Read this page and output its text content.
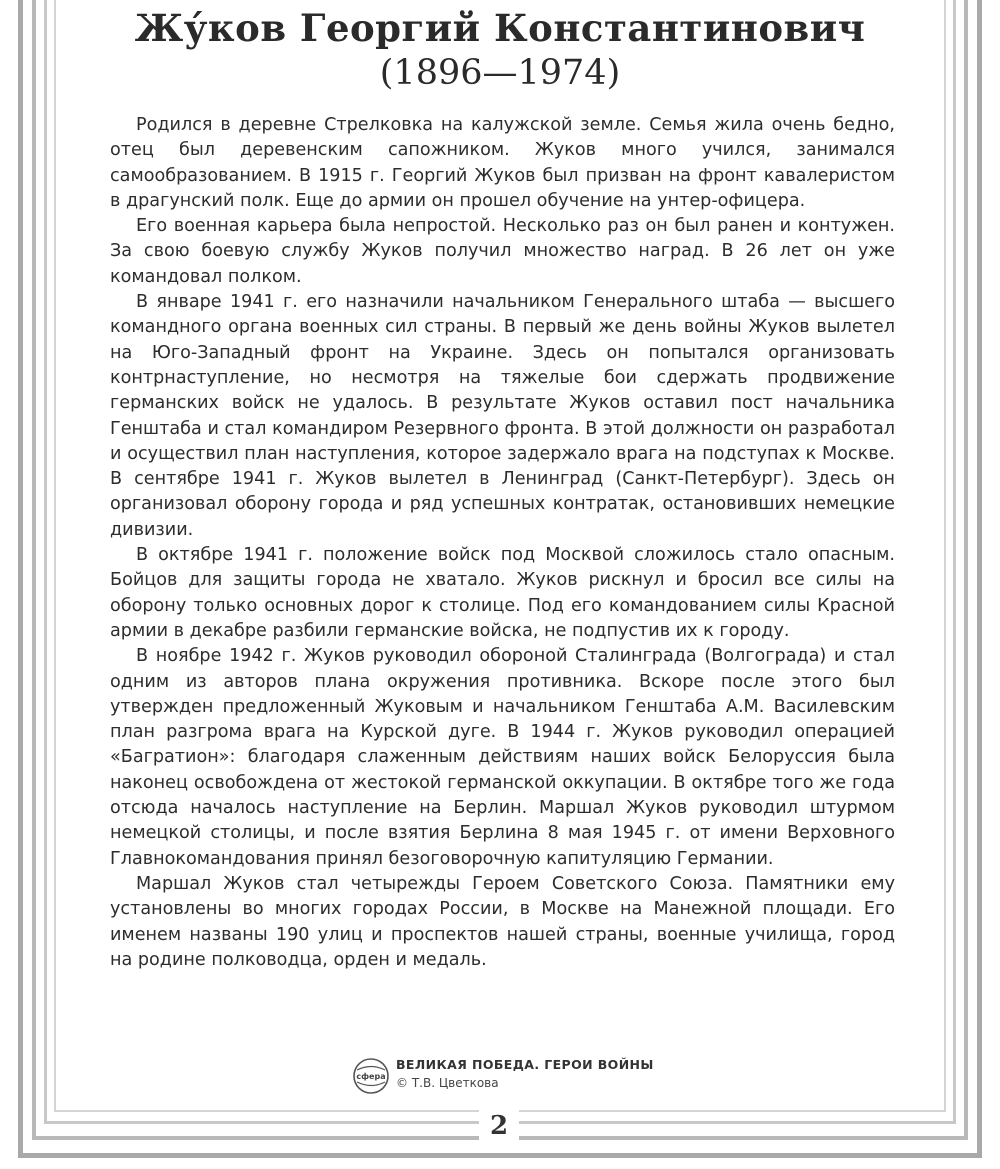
Жу́ков Георгий Константинович
(1896—1974)

Родился в деревне Стрелковка на калужской земле. Семья жила очень бедно, отец был деревенским сапожником. Жуков много учился, занимался самообразованием. В 1915 г. Георгий Жуков был призван на фронт кавалеристом в драгунский полк. Еще до армии он прошел обучение на унтер-офицера.

Его военная карьера была непростой. Несколько раз он был ранен и контужен. За свою боевую службу Жуков получил множество наград. В 26 лет он уже командовал полком.

В январе 1941 г. его назначили начальником Генерального штаба — высшего командного органа военных сил страны. В первый же день войны Жуков вылетел на Юго-Западный фронт на Украине. Здесь он попытался организовать контрнаступление, но несмотря на тяжелые бои сдержать продвижение германских войск не удалось. В результате Жуков оставил пост начальника Генштаба и стал командиром Резервного фронта. В этой должности он разработал и осуществил план наступления, которое задержало врага на подступах к Москве. В сентябре 1941 г. Жуков вылетел в Ленинград (Санкт-Петербург). Здесь он организовал оборону города и ряд успешных контратак, остановивших немецкие дивизии.

В октябре 1941 г. положение войск под Москвой сложилось стало опасным. Бойцов для защиты города не хватало. Жуков рискнул и бросил все силы на оборону только основных дорог к столице. Под его командованием силы Красной армии в декабре разбили германские войска, не подпустив их к городу.

В ноябре 1942 г. Жуков руководил обороной Сталинграда (Волгограда) и стал одним из авторов плана окружения противника. Вскоре после этого был утвержден предложенный Жуковым и начальником Генштаба А.М. Василевским план разгрома врага на Курской дуге. В 1944 г. Жуков руководил операцией «Багратион»: благодаря слаженным действиям наших войск Белоруссия была наконец освобождена от жестокой германской оккупации. В октябре того же года отсюда началось наступление на Берлин. Маршал Жуков руководил штурмом немецкой столицы, и после взятия Берлина 8 мая 1945 г. от имени Верховного Главнокомандования принял безоговорочную капитуляцию Германии.

Маршал Жуков стал четырежды Героем Советского Союза. Памятники ему установлены во многих городах России, в Москве на Манежной площади. Его именем названы 190 улиц и проспектов нашей страны, военные училища, город на родине полководца, орден и медаль.

сфера
ВЕЛИКАЯ ПОБЕДА. ГЕРОИ ВОЙНЫ
© Т.В. Цветкова
2
